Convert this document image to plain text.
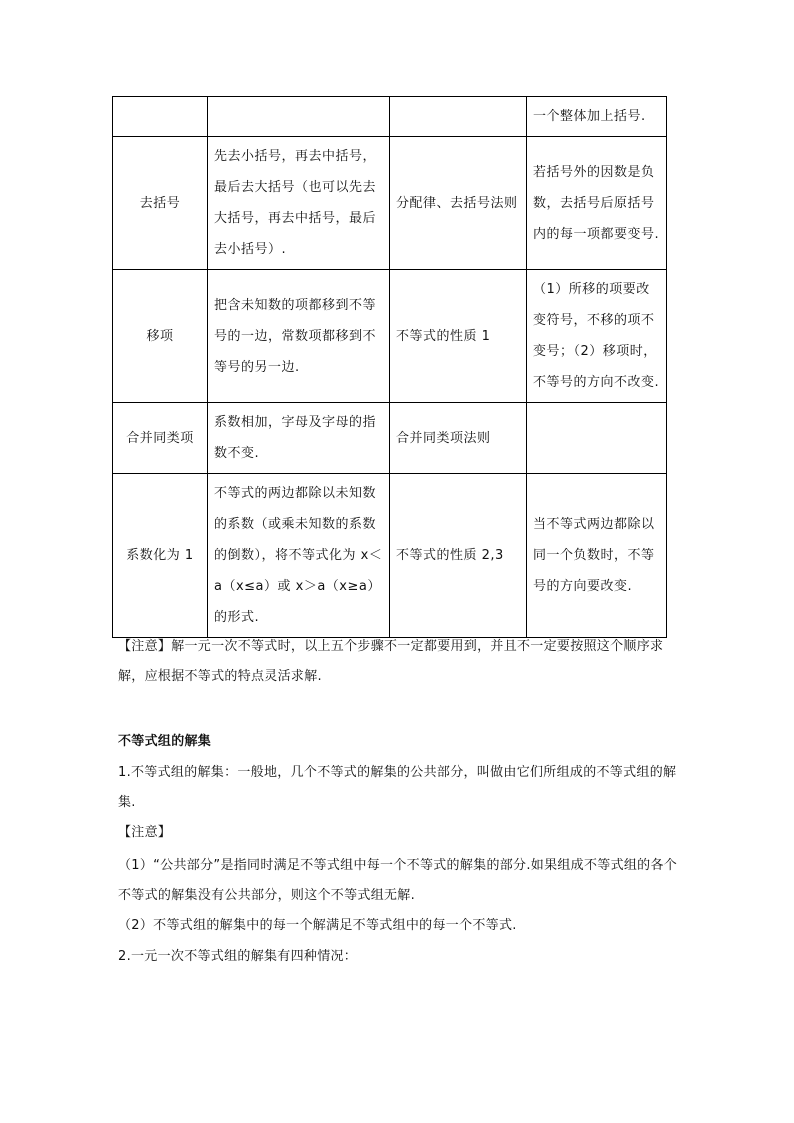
			一个整体加上括号.
去括号	先去小括号，再去中括号，最后去大括号（也可以先去大括号，再去中括号，最后去小括号）.	分配律、去括号法则	若括号外的因数是负数，去括号后原括号内的每一项都要变号.
移项	把含未知数的项都移到不等号的一边，常数项都移到不等号的另一边.	不等式的性质 1	（1）所移的项要改变符号，不移的项不变号；（2）移项时，不等号的方向不改变.
合并同类项	系数相加，字母及字母的指数不变.	合并同类项法则	
系数化为 1	不等式的两边都除以未知数的系数（或乘未知数的系数的倒数），将不等式化为 x＜a（x≤a）或 x＞a（x≥a）的形式.	不等式的性质 2,3	当不等式两边都除以同一个负数时，不等号的方向要改变.
【注意】解一元一次不等式时，以上五个步骤不一定都要用到，并且不一定要按照这个顺序求解，应根据不等式的特点灵活求解.
不等式组的解集
1.不等式组的解集：一般地，几个不等式的解集的公共部分，叫做由它们所组成的不等式组的解集.
【注意】
（1）“公共部分”是指同时满足不等式组中每一个不等式的解集的部分.如果组成不等式组的各个不等式的解集没有公共部分，则这个不等式组无解.
（2）不等式组的解集中的每一个解满足不等式组中的每一个不等式.
2.一元一次不等式组的解集有四种情况：
